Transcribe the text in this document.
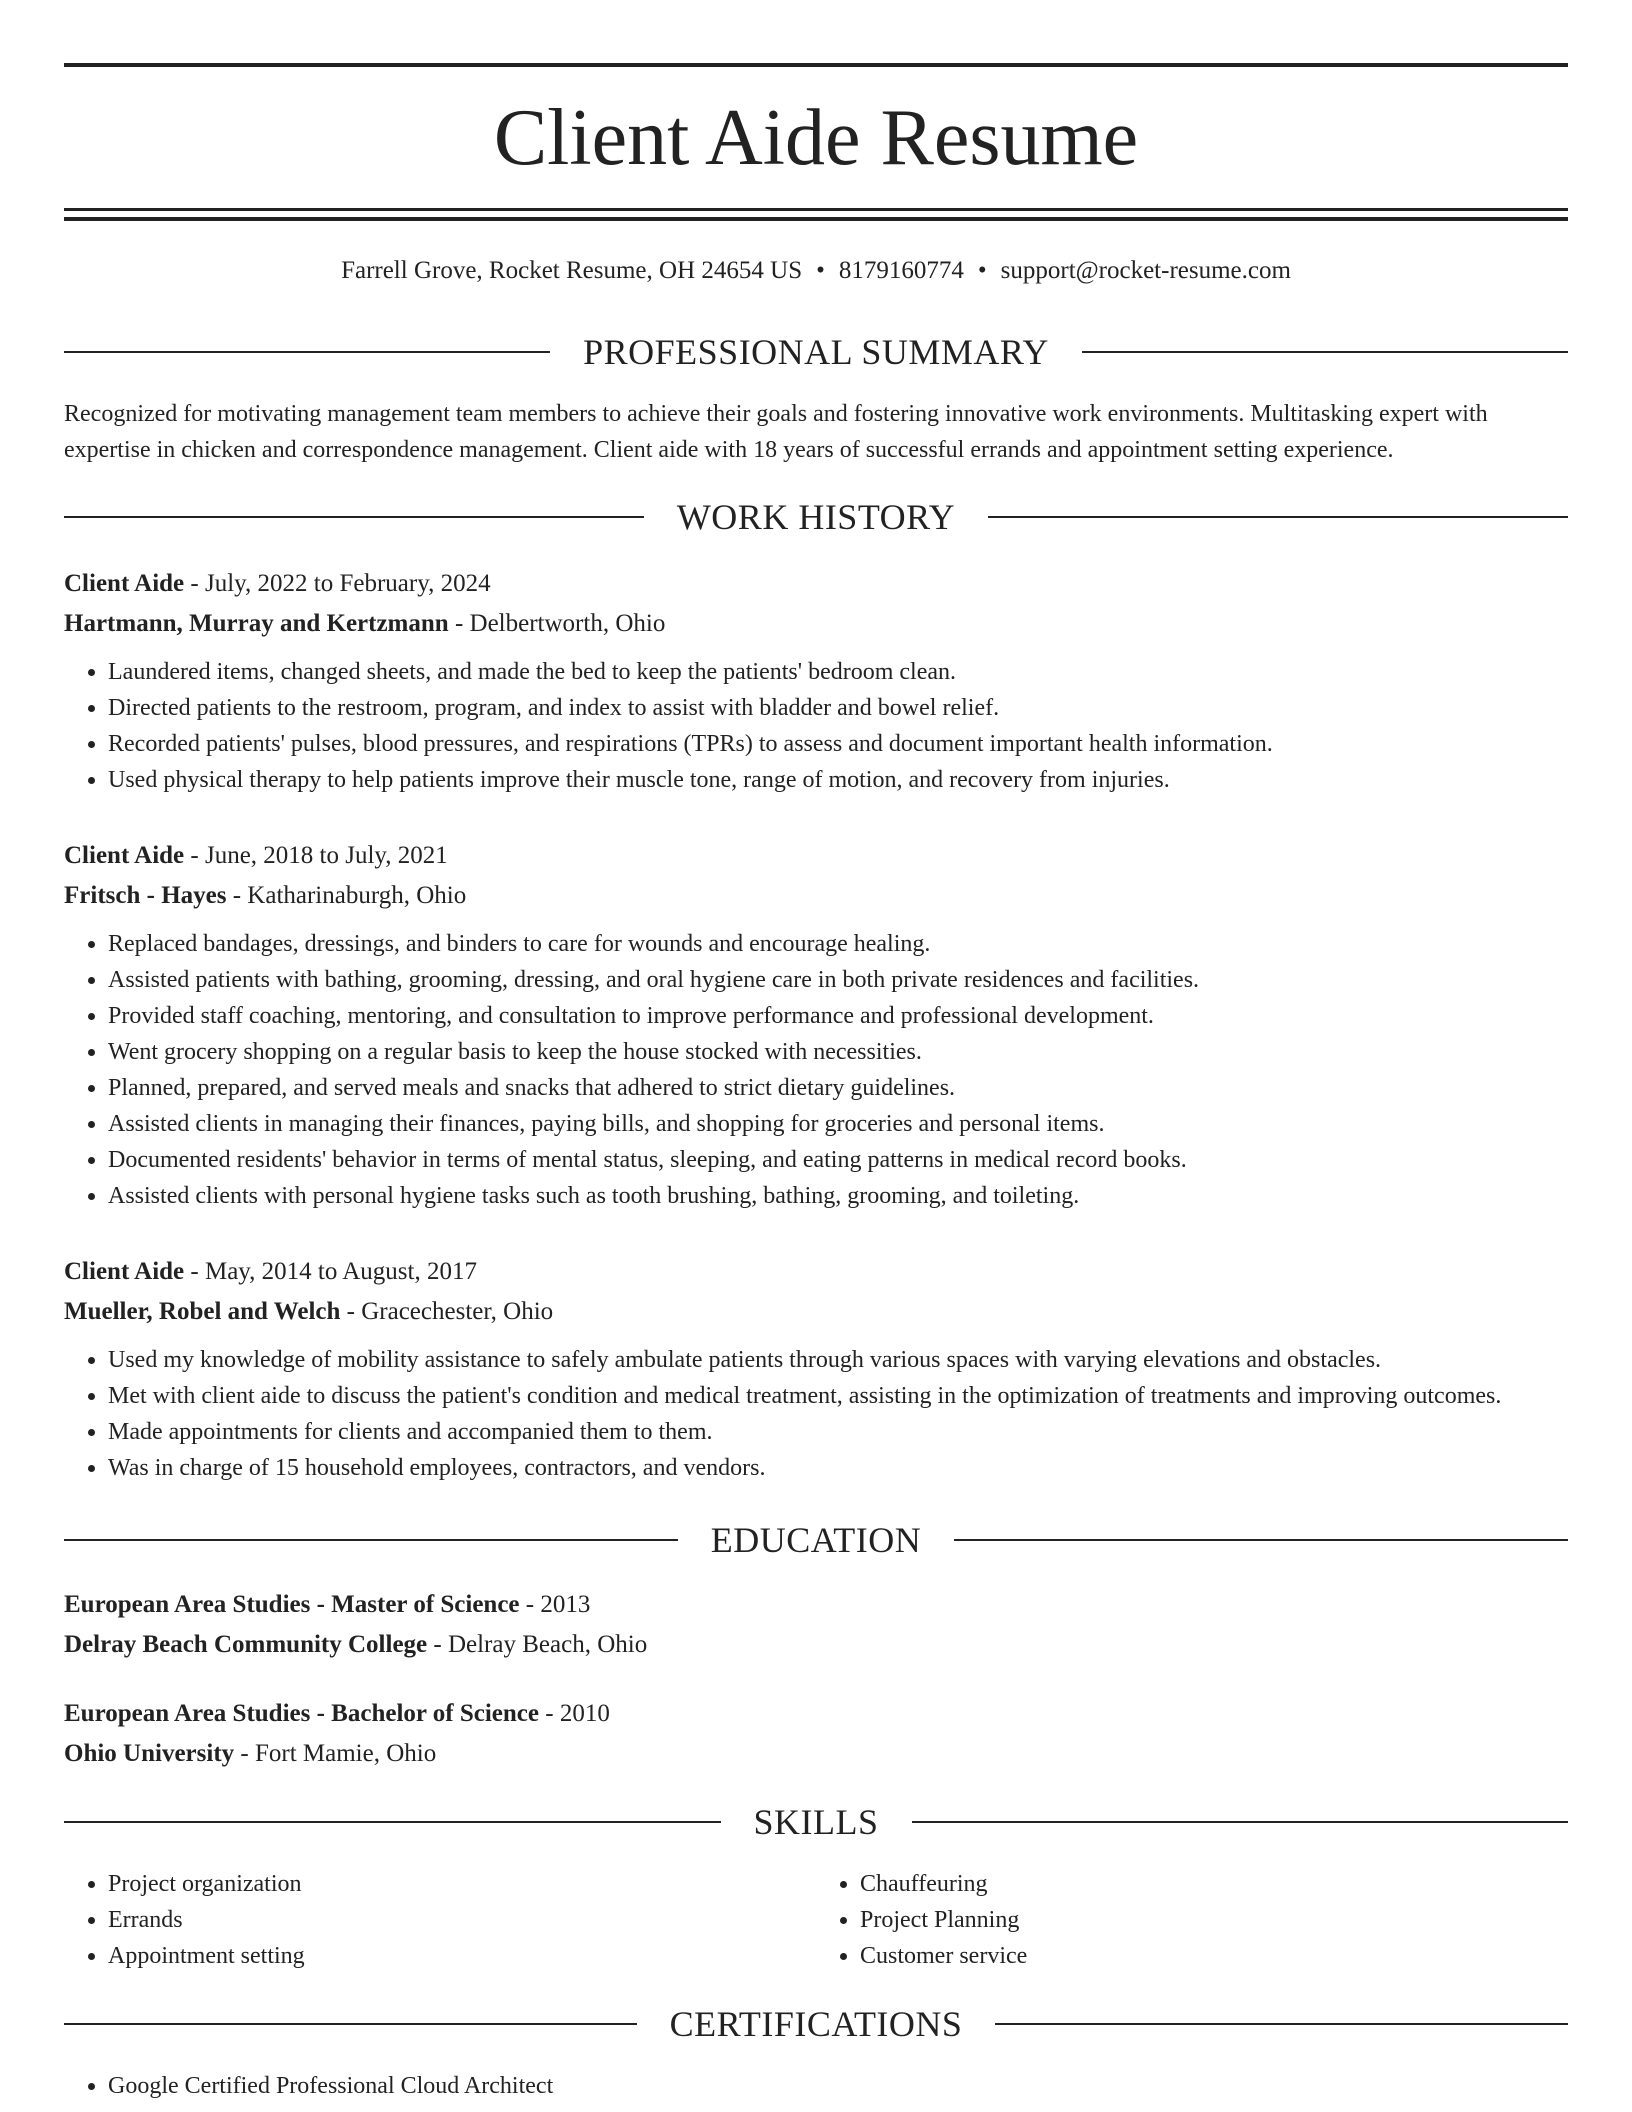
Client Aide Resume
Farrell Grove, Rocket Resume, OH 24654 US • 8179160774 • support@rocket-resume.com
PROFESSIONAL SUMMARY
Recognized for motivating management team members to achieve their goals and fostering innovative work environments. Multitasking expert with expertise in chicken and correspondence management. Client aide with 18 years of successful errands and appointment setting experience.
WORK HISTORY
Client Aide - July, 2022 to February, 2024
Hartmann, Murray and Kertzmann - Delbertworth, Ohio
• Laundered items, changed sheets, and made the bed to keep the patients' bedroom clean.
• Directed patients to the restroom, program, and index to assist with bladder and bowel relief.
• Recorded patients' pulses, blood pressures, and respirations (TPRs) to assess and document important health information.
• Used physical therapy to help patients improve their muscle tone, range of motion, and recovery from injuries.
Client Aide - June, 2018 to July, 2021
Fritsch - Hayes - Katharinaburgh, Ohio
• Replaced bandages, dressings, and binders to care for wounds and encourage healing.
• Assisted patients with bathing, grooming, dressing, and oral hygiene care in both private residences and facilities.
• Provided staff coaching, mentoring, and consultation to improve performance and professional development.
• Went grocery shopping on a regular basis to keep the house stocked with necessities.
• Planned, prepared, and served meals and snacks that adhered to strict dietary guidelines.
• Assisted clients in managing their finances, paying bills, and shopping for groceries and personal items.
• Documented residents' behavior in terms of mental status, sleeping, and eating patterns in medical record books.
• Assisted clients with personal hygiene tasks such as tooth brushing, bathing, grooming, and toileting.
Client Aide - May, 2014 to August, 2017
Mueller, Robel and Welch - Gracechester, Ohio
• Used my knowledge of mobility assistance to safely ambulate patients through various spaces with varying elevations and obstacles.
• Met with client aide to discuss the patient's condition and medical treatment, assisting in the optimization of treatments and improving outcomes.
• Made appointments for clients and accompanied them to them.
• Was in charge of 15 household employees, contractors, and vendors.
EDUCATION
European Area Studies - Master of Science - 2013
Delray Beach Community College - Delray Beach, Ohio
European Area Studies - Bachelor of Science - 2010
Ohio University - Fort Mamie, Ohio
SKILLS
• Project organization
• Errands
• Appointment setting
• Chauffeuring
• Project Planning
• Customer service
CERTIFICATIONS
• Google Certified Professional Cloud Architect
